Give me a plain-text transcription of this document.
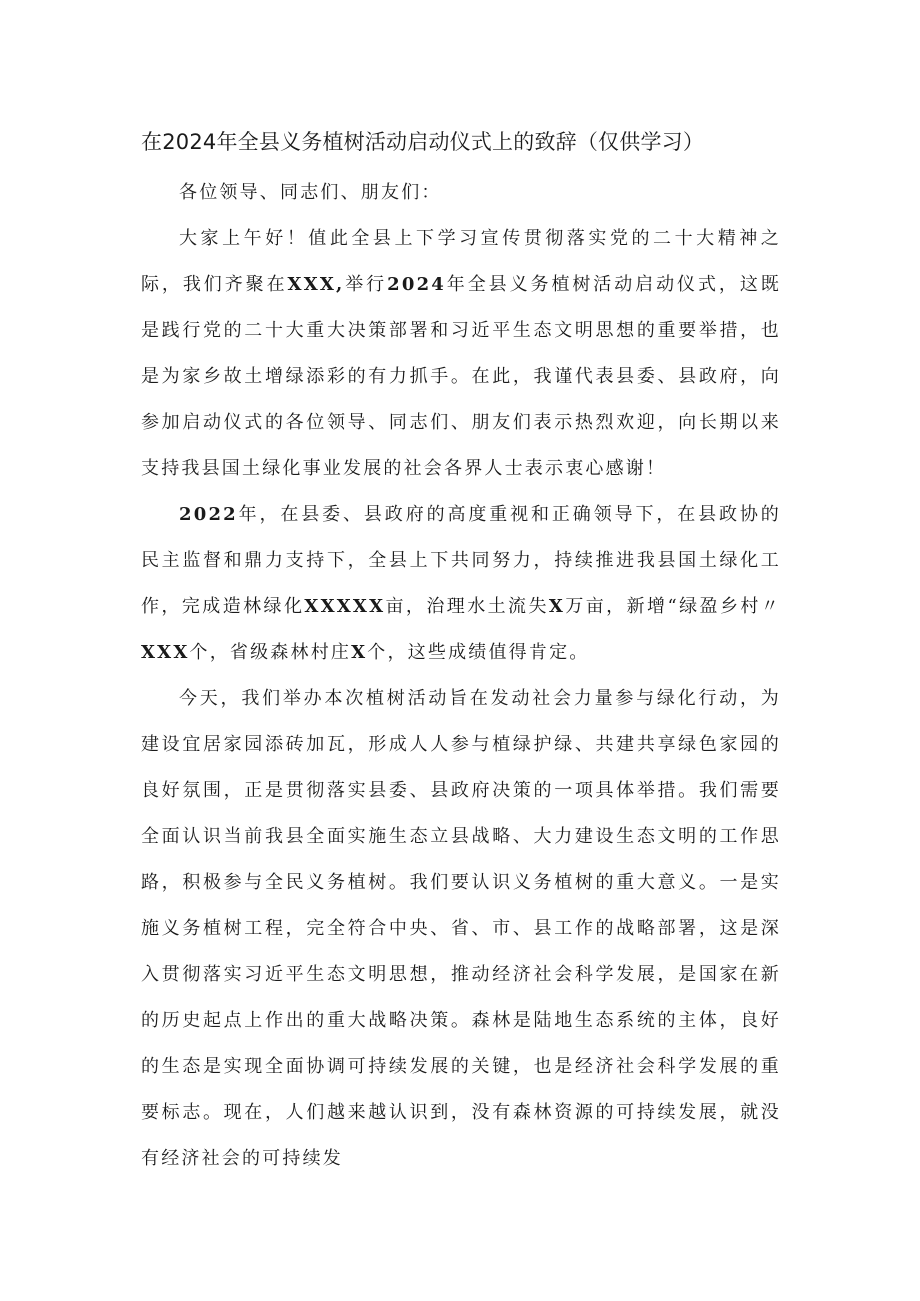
在2024年全县义务植树活动启动仪式上的致辞（仅供学习）

各位领导、同志们、朋友们：

大家上午好！值此全县上下学习宣传贯彻落实党的二十大精神之际，我们齐聚在XXX,举行2024年全县义务植树活动启动仪式，这既是践行党的二十大重大决策部署和习近平生态文明思想的重要举措，也是为家乡故土增绿添彩的有力抓手。在此，我谨代表县委、县政府，向参加启动仪式的各位领导、同志们、朋友们表示热烈欢迎，向长期以来支持我县国土绿化事业发展的社会各界人士表示衷心感谢！

2022年，在县委、县政府的高度重视和正确领导下，在县政协的民主监督和鼎力支持下，全县上下共同努力，持续推进我县国土绿化工作，完成造林绿化XXXXX亩，治理水土流失X万亩，新增“绿盈乡村〃XXX个，省级森林村庄X个，这些成绩值得肯定。

今天，我们举办本次植树活动旨在发动社会力量参与绿化行动，为建设宜居家园添砖加瓦，形成人人参与植绿护绿、共建共享绿色家园的良好氛围，正是贯彻落实县委、县政府决策的一项具体举措。我们需要全面认识当前我县全面实施生态立县战略、大力建设生态文明的工作思路，积极参与全民义务植树。我们要认识义务植树的重大意义。一是实施义务植树工程，完全符合中央、省、市、县工作的战略部署，这是深入贯彻落实习近平生态文明思想，推动经济社会科学发展，是国家在新的历史起点上作出的重大战略决策。森林是陆地生态系统的主体，良好的生态是实现全面协调可持续发展的关键，也是经济社会科学发展的重要标志。现在，人们越来越认识到，没有森林资源的可持续发展，就没有经济社会的可持续发
